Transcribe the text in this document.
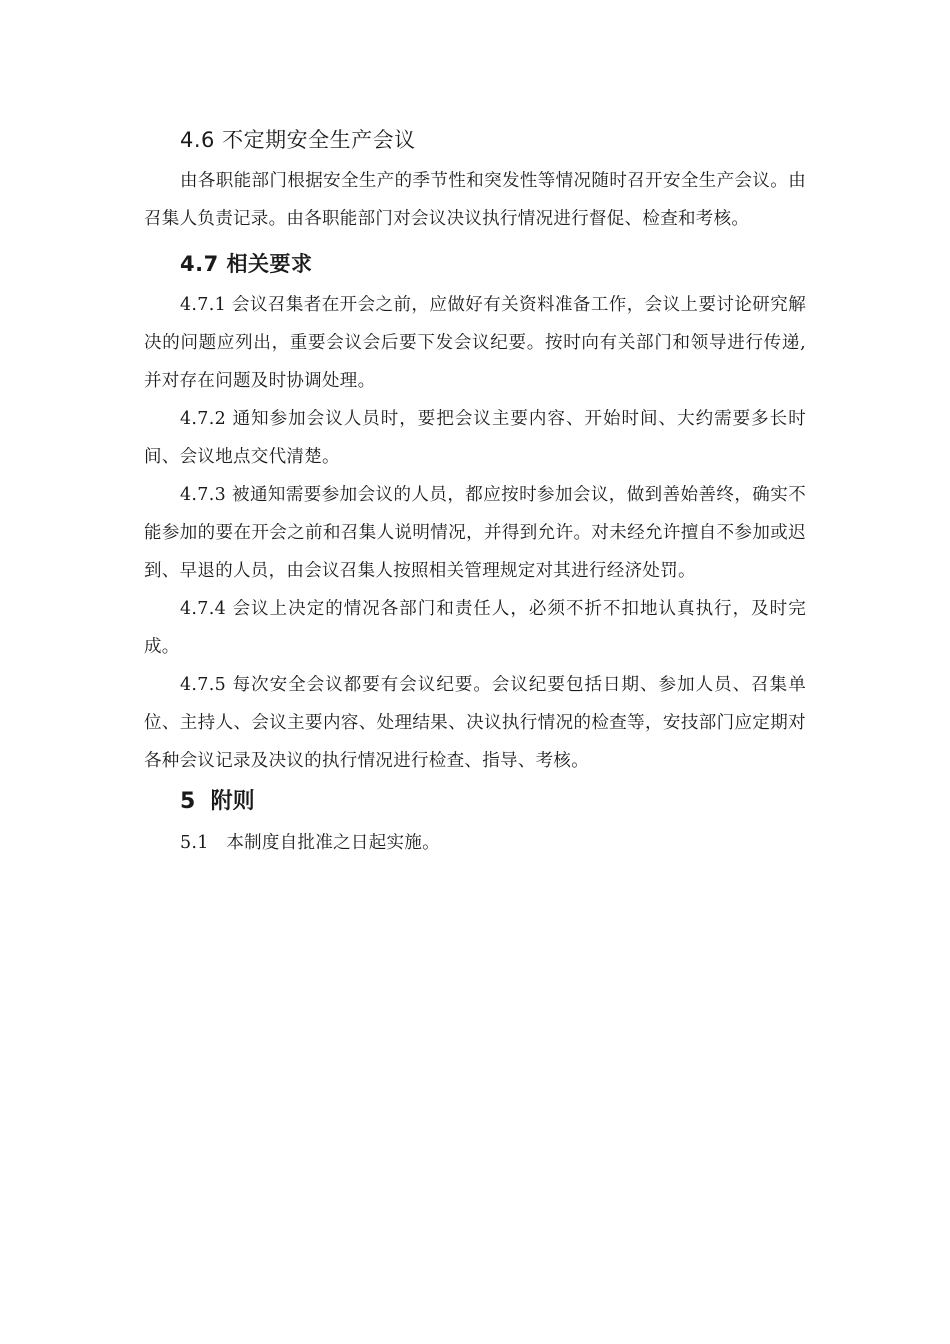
4.6 不定期安全生产会议

由各职能部门根据安全生产的季节性和突发性等情况随时召开安全生产会议。由召集人负责记录。由各职能部门对会议决议执行情况进行督促、检查和考核。

4.7 相关要求

4.7.1 会议召集者在开会之前，应做好有关资料准备工作，会议上要讨论研究解决的问题应列出，重要会议会后要下发会议纪要。按时向有关部门和领导进行传递,并对存在问题及时协调处理。

4.7.2 通知参加会议人员时，要把会议主要内容、开始时间、大约需要多长时间、会议地点交代清楚。

4.7.3 被通知需要参加会议的人员，都应按时参加会议，做到善始善终，确实不能参加的要在开会之前和召集人说明情况，并得到允许。对未经允许擅自不参加或迟到、早退的人员，由会议召集人按照相关管理规定对其进行经济处罚。

4.7.4 会议上决定的情况各部门和责任人，必须不折不扣地认真执行，及时完成。

4.7.5 每次安全会议都要有会议纪要。会议纪要包括日期、参加人员、召集单位、主持人、会议主要内容、处理结果、决议执行情况的检查等，安技部门应定期对各种会议记录及决议的执行情况进行检查、指导、考核。

5  附则

5.1   本制度自批准之日起实施。
